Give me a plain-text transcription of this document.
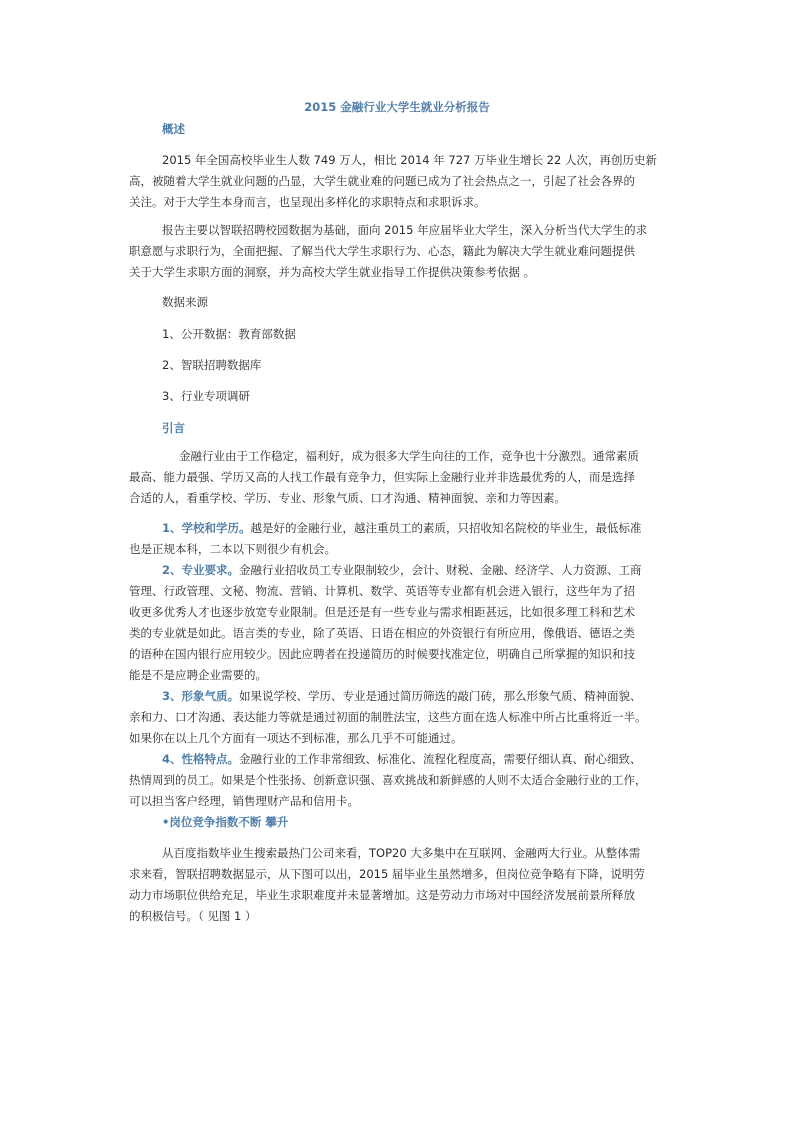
2015 金融行业大学生就业分析报告
概述

2015 年全国高校毕业生人数 749 万人，相比 2014 年 727 万毕业生增长 22 人次，再创历史新
高，被随着大学生就业问题的凸显，大学生就业难的问题已成为了社会热点之一，引起了社会各界的
关注。对于大学生本身而言，也呈现出多样化的求职特点和求职诉求。

报告主要以智联招聘校园数据为基础，面向 2015 年应届毕业大学生，深入分析当代大学生的求
职意愿与求职行为，全面把握、了解当代大学生求职行为、心态，籍此为解决大学生就业难问题提供
关于大学生求职方面的洞察，并为高校大学生就业指导工作提供决策参考依据 。

数据来源

1、公开数据：教育部数据

2、智联招聘数据库

3、行业专项调研

引言

金融行业由于工作稳定，福利好，成为很多大学生向往的工作，竞争也十分激烈。通常素质
最高、能力最强、学历又高的人找工作最有竞争力，但实际上金融行业并非选最优秀的人，而是选择
合适的人，看重学校、学历、专业、形象气质、口才沟通、精神面貌、亲和力等因素。

1、学校和学历。越是好的金融行业，越注重员工的素质，只招收知名院校的毕业生，最低标准
也是正规本科，二本以下则很少有机会。

2、专业要求。金融行业招收员工专业限制较少，会计、财税、金融、经济学、人力资源、工商
管理、行政管理、文秘、物流、营销、计算机、数学、英语等专业都有机会进入银行，这些年为了招
收更多优秀人才也逐步放宽专业限制。但是还是有一些专业与需求相距甚远，比如很多理工科和艺术
类的专业就是如此。语言类的专业，除了英语、日语在相应的外资银行有所应用，像俄语、德语之类
的语种在国内银行应用较少。因此应聘者在投递简历的时候要找准定位，明确自己所掌握的知识和技
能是不是应聘企业需要的。

3、形象气质。如果说学校、学历、专业是通过简历筛选的敲门砖，那么形象气质、精神面貌、
亲和力、口才沟通、表达能力等就是通过初面的制胜法宝，这些方面在选人标准中所占比重将近一半。
如果你在以上几个方面有一项达不到标准，那么几乎不可能通过。

4、性格特点。金融行业的工作非常细致、标准化、流程化程度高，需要仔细认真、耐心细致、
热情周到的员工。如果是个性张扬、创新意识强、喜欢挑战和新鲜感的人则不太适合金融行业的工作，
可以担当客户经理，销售理财产品和信用卡。

•岗位竞争指数不断 攀升

从百度指数毕业生搜索最热门公司来看，TOP20 大多集中在互联网、金融两大行业。从整体需
求来看，智联招聘数据显示，从下图可以出，2015 届毕业生虽然增多，但岗位竞争略有下降，说明劳
动力市场职位供给充足，毕业生求职难度并未显著增加。这是劳动力市场对中国经济发展前景所释放
的积极信号。（ 见图 1 ）
